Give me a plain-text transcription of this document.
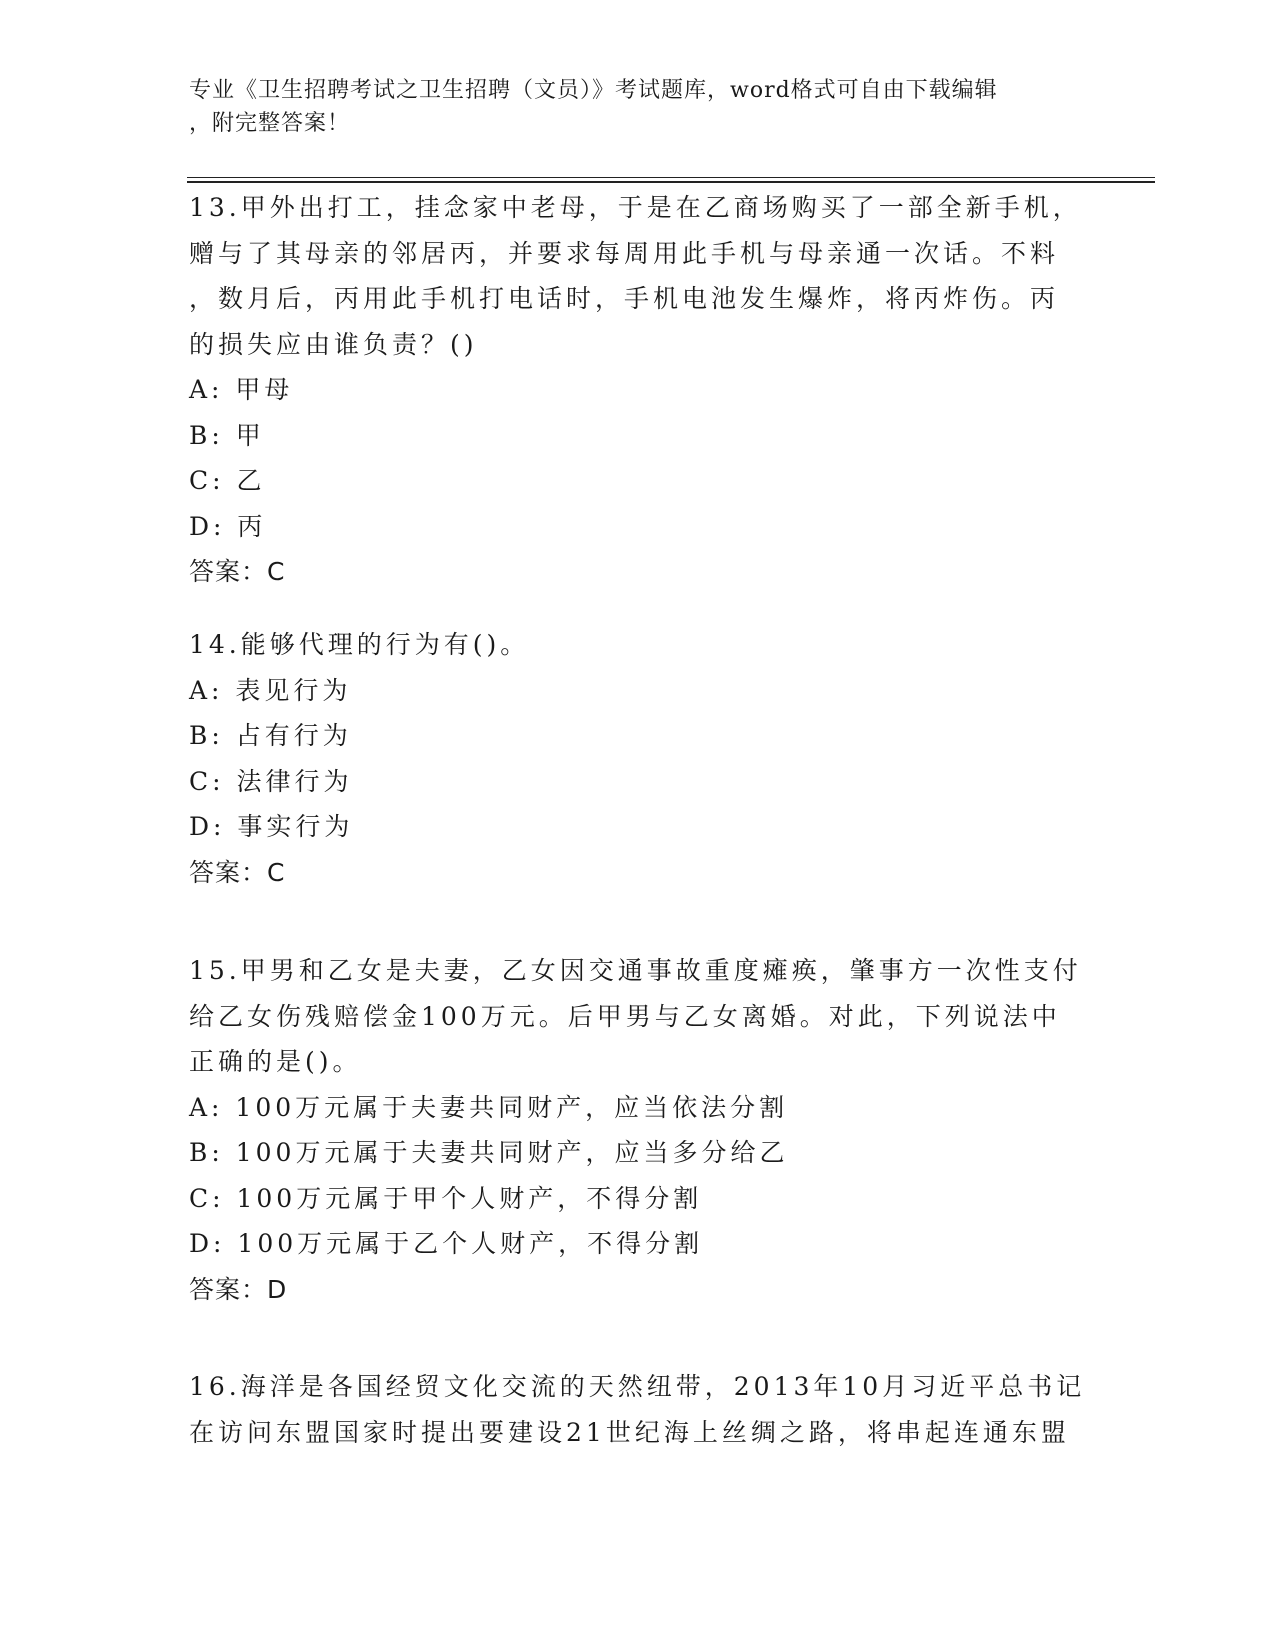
专业《卫生招聘考试之卫生招聘（文员）》考试题库，word格式可自由下载编辑
，附完整答案！

13.甲外出打工，挂念家中老母，于是在乙商场购买了一部全新手机，

赠与了其母亲的邻居丙，并要求每周用此手机与母亲通一次话。不料

，数月后，丙用此手机打电话时，手机电池发生爆炸，将丙炸伤。丙

的损失应由谁负责？()

A: 甲母

B: 甲

C: 乙

D: 丙

答案：C

14.能够代理的行为有()。

A: 表见行为

B: 占有行为

C: 法律行为

D: 事实行为

答案：C

15.甲男和乙女是夫妻，乙女因交通事故重度瘫痪，肇事方一次性支付

给乙女伤残赔偿金100万元。后甲男与乙女离婚。对此，下列说法中

正确的是()。

A: 100万元属于夫妻共同财产，应当依法分割

B: 100万元属于夫妻共同财产，应当多分给乙

C: 100万元属于甲个人财产，不得分割

D: 100万元属于乙个人财产，不得分割

答案：D

16.海洋是各国经贸文化交流的天然纽带，2013年10月习近平总书记

在访问东盟国家时提出要建设21世纪海上丝绸之路，将串起连通东盟
